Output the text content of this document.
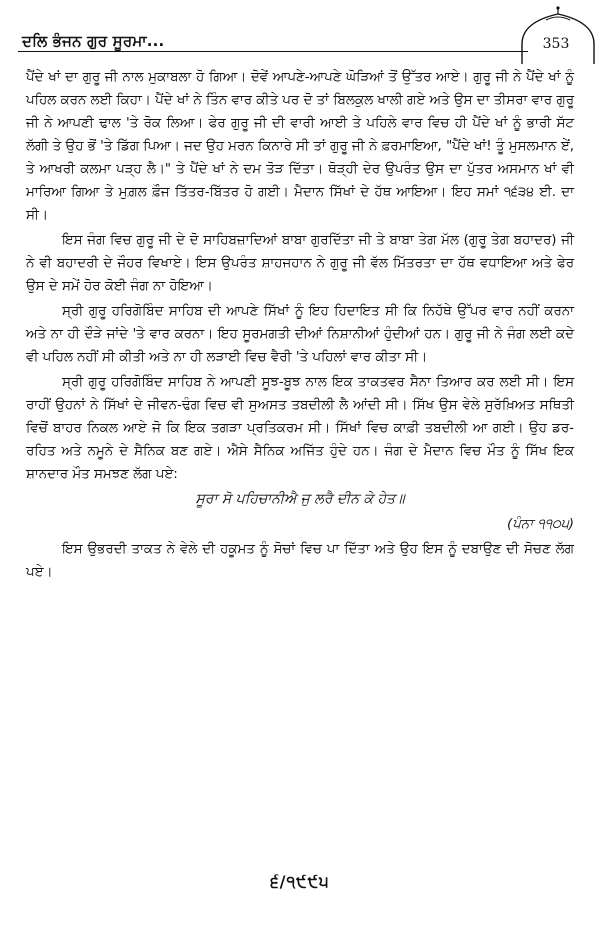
ਦਲਿ ਭੰਜਨ ਗੁਰ ਸੂਰਮਾ...	353

ਪੈਂਦੇ ਖਾਂ ਦਾ ਗੁਰੂ ਜੀ ਨਾਲ ਮੁਕਾਬਲਾ ਹੋ ਗਿਆ। ਦੋਵੇਂ ਆਪਣੇ-ਆਪਣੇ ਘੋੜਿਆਂ ਤੋਂ ਉੱਤਰ ਆਏ। ਗੁਰੂ ਜੀ ਨੇ ਪੈਂਦੇ ਖਾਂ ਨੂੰ ਪਹਿਲ ਕਰਨ ਲਈ ਕਿਹਾ। ਪੈਂਦੇ ਖਾਂ ਨੇ ਤਿੰਨ ਵਾਰ ਕੀਤੇ ਪਰ ਦੋ ਤਾਂ ਬਿਲਕੁਲ ਖਾਲੀ ਗਏ ਅਤੇ ਉਸ ਦਾ ਤੀਸਰਾ ਵਾਰ ਗੁਰੂ ਜੀ ਨੇ ਆਪਣੀ ਢਾਲ 'ਤੇ ਰੋਕ ਲਿਆ। ਫੇਰ ਗੁਰੂ ਜੀ ਦੀ ਵਾਰੀ ਆਈ ਤੇ ਪਹਿਲੇ ਵਾਰ ਵਿਚ ਹੀ ਪੈਂਦੇ ਖਾਂ ਨੂੰ ਭਾਰੀ ਸੱਟ ਲੱਗੀ ਤੇ ਉਹ ਭੋਂ 'ਤੇ ਡਿੱਗ ਪਿਆ। ਜਦ ਉਹ ਮਰਨ ਕਿਨਾਰੇ ਸੀ ਤਾਂ ਗੁਰੂ ਜੀ ਨੇ ਫ਼ਰਮਾਇਆ, "ਪੈਂਦੇ ਖਾਂ! ਤੂੰ ਮੁਸਲਮਾਨ ਏਂ, ਤੇ ਆਖਰੀ ਕਲਮਾ ਪੜ੍ਹ ਲੈ।" ਤੇ ਪੈਂਦੇ ਖਾਂ ਨੇ ਦਮ ਤੋੜ ਦਿੱਤਾ। ਥੋੜ੍ਹੀ ਦੇਰ ਉਪਰੰਤ ਉਸ ਦਾ ਪੁੱਤਰ ਅਸਮਾਨ ਖਾਂ ਵੀ ਮਾਰਿਆ ਗਿਆ ਤੇ ਮੁਗ਼ਲ ਫ਼ੌਜ ਤਿੱਤਰ-ਬਿੱਤਰ ਹੋ ਗਈ। ਮੈਦਾਨ ਸਿੱਖਾਂ ਦੇ ਹੱਥ ਆਇਆ। ਇਹ ਸਮਾਂ ੧੬੩੪ ਈ. ਦਾ ਸੀ।

ਇਸ ਜੰਗ ਵਿਚ ਗੁਰੂ ਜੀ ਦੇ ਦੋ ਸਾਹਿਬਜ਼ਾਦਿਆਂ ਬਾਬਾ ਗੁਰਦਿੱਤਾ ਜੀ ਤੇ ਬਾਬਾ ਤੇਗ ਮੱਲ (ਗੁਰੂ ਤੇਗ ਬਹਾਦਰ) ਜੀ ਨੇ ਵੀ ਬਹਾਦਰੀ ਦੇ ਜੌਹਰ ਵਿਖਾਏ। ਇਸ ਉਪਰੰਤ ਸ਼ਾਹਜਹਾਨ ਨੇ ਗੁਰੂ ਜੀ ਵੱਲ ਮਿੱਤਰਤਾ ਦਾ ਹੱਥ ਵਧਾਇਆ ਅਤੇ ਫੇਰ ਉਸ ਦੇ ਸਮੇਂ ਹੋਰ ਕੋਈ ਜੰਗ ਨਾ ਹੋਇਆ।

ਸ੍ਰੀ ਗੁਰੂ ਹਰਿਗੋਬਿੰਦ ਸਾਹਿਬ ਦੀ ਆਪਣੇ ਸਿੱਖਾਂ ਨੂੰ ਇਹ ਹਿਦਾਇਤ ਸੀ ਕਿ ਨਿਹੱਥੇ ਉੱਪਰ ਵਾਰ ਨਹੀਂ ਕਰਨਾ ਅਤੇ ਨਾ ਹੀ ਦੌੜੇ ਜਾਂਦੇ 'ਤੇ ਵਾਰ ਕਰਨਾ। ਇਹ ਸੂਰਮਗਤੀ ਦੀਆਂ ਨਿਸ਼ਾਨੀਆਂ ਹੁੰਦੀਆਂ ਹਨ। ਗੁਰੂ ਜੀ ਨੇ ਜੰਗ ਲਈ ਕਦੇ ਵੀ ਪਹਿਲ ਨਹੀਂ ਸੀ ਕੀਤੀ ਅਤੇ ਨਾ ਹੀ ਲੜਾਈ ਵਿਚ ਵੈਰੀ 'ਤੇ ਪਹਿਲਾਂ ਵਾਰ ਕੀਤਾ ਸੀ।

ਸ੍ਰੀ ਗੁਰੂ ਹਰਿਗੋਬਿੰਦ ਸਾਹਿਬ ਨੇ ਆਪਣੀ ਸੂਝ-ਬੂਝ ਨਾਲ ਇਕ ਤਾਕਤਵਰ ਸੈਨਾ ਤਿਆਰ ਕਰ ਲਈ ਸੀ। ਇਸ ਰਾਹੀਂ ਉਹਨਾਂ ਨੇ ਸਿੱਖਾਂ ਦੇ ਜੀਵਨ-ਢੰਗ ਵਿਚ ਵੀ ਸੁਅਸਤ ਤਬਦੀਲੀ ਲੈ ਆਂਦੀ ਸੀ। ਸਿੱਖ ਉਸ ਵੇਲੇ ਸੁਰੱਖ਼ਿਅਤ ਸਥਿਤੀ ਵਿਚੋਂ ਬਾਹਰ ਨਿਕਲ ਆਏ ਜੋ ਕਿ ਇਕ ਤਗੜਾ ਪ੍ਰਤਿਕਰਮ ਸੀ। ਸਿੱਖਾਂ ਵਿਚ ਕਾਫ਼ੀ ਤਬਦੀਲੀ ਆ ਗਈ। ਉਹ ਡਰ-ਰਹਿਤ ਅਤੇ ਨਮੂਨੇ ਦੇ ਸੈਨਿਕ ਬਣ ਗਏ। ਐਸੇ ਸੈਨਿਕ ਅਜਿੱਤ ਹੁੰਦੇ ਹਨ। ਜੰਗ ਦੇ ਮੈਦਾਨ ਵਿਚ ਮੌਤ ਨੂੰ ਸਿੱਖ ਇਕ ਸ਼ਾਨਦਾਰ ਮੌਤ ਸਮਝਣ ਲੱਗ ਪਏ:

ਸੂਰਾ ਸੋ ਪਹਿਚਾਨੀਐ ਜੁ ਲਰੈ ਦੀਨ ਕੇ ਹੇਤ॥

(ਪੰਨਾ ੧੧੦੫)

ਇਸ ਉਭਰਦੀ ਤਾਕਤ ਨੇ ਵੇਲੇ ਦੀ ਹਕੂਮਤ ਨੂੰ ਸੋਚਾਂ ਵਿਚ ਪਾ ਦਿੱਤਾ ਅਤੇ ਉਹ ਇਸ ਨੂੰ ਦਬਾਉਣ ਦੀ ਸੋਚਣ ਲੱਗ ਪਏ।

੬/੧੯੯੫
